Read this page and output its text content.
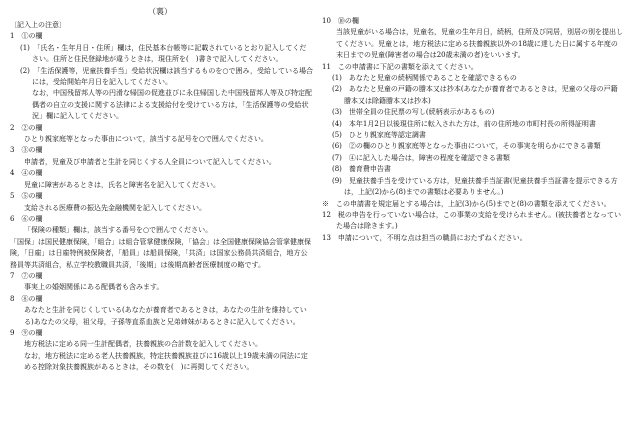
（裏）
〔記入上の注意〕
1　①の欄
(1)　「氏名・生年月日・住所」欄は，住民基本台帳等に記載されているとおり記入してください。住所と住民登録地が違うときは，現住所を(　)書きで記入してください。
(2)　「生活保護等，児童扶養手当」受給状況欄は該当するものを○で囲み，受給している場合には，受給開始年月日を記入してください。
なお，中国残留邦人等の円滑な帰国の促進並びに永住帰国した中国残留邦人等及び特定配偶者の自立の支援に関する法律による支援給付を受けている方は，「生活保護等の受給状況」欄に記入してください。
2　②の欄
ひとり親家庭等となった事由について，該当する記号を○で囲んでください。
3　③の欄
申請者，児童及び申請者と生計を同じくする人全員について記入してください。
4　④の欄
児童に障害があるときは，氏名と障害名を記入してください。
5　⑤の欄
支給される医療費の振込先金融機関を記入してください。
6　⑥の欄
「保険の種類」欄は，該当する番号を○で囲んでください。
「国保」は国民健康保険，「組合」は組合管掌健康保険，「協会」は全国健康保険協会管掌健康保険，「日雇」は日雇特例被保険者，「船員」は船員保険，「共済」は国家公務員共済組合，地方公務員等共済組合，私立学校教職員共済，「後期」は後期高齢者医療制度の略です。
7　⑦の欄
事実上の婚姻関係にある配偶者も含みます。
8　⑧の欄
あなたと生計を同じくしている(あなたが養育者であるときは，あなたの生計を維持している)あなたの父母，祖父母，子孫等直系血族と兄弟姉妹があるときに記入してください。
9　⑨の欄
地方税法に定める同一生計配偶者，扶養親族の合計数を記入してください。
なお，地方税法に定める老人扶養親族，特定扶養親族並びに16歳以上19歳未満の同法に定める控除対象扶養親族があるときは，その数を(　)に再掲してください。
10　⑩の欄
当該児童がいる場合は，児童名，児童の生年月日，続柄，住所及び同居，別居の別を提出してください。児童とは，地方税法に定める扶養親族以外の18歳に達した日に属する年度の末日までの児童(障害者の場合は20歳未満の者)をいいます。
11　この申請書に下記の書類を添えてください。
(1)　あなたと児童の続柄関係であることを確認できるもの
(2)　あなたと児童の戸籍の謄本又は抄本(あなたが養育者であるときは，児童の父母の戸籍謄本又は除籍謄本又は抄本)
(3)　世帯全員の住民票の写し(続柄表示があるもの)
(4)　本年1月2日以後現住所に転入された方は，前の住所地の市町村長の所得証明書
(5)　ひとり親家庭等認定調書
(6)　②の欄のひとり親家庭等となった事由について，その事実を明らかにできる書類
(7)　④に記入した場合は，障害の程度を確認できる書類
(8)　養育費申告書
(9)　児童扶養手当を受けている方は，児童扶養手当証書(児童扶養手当証書を提示できる方は，上記(2)から(8)までの書類は必要ありません。)
※　この申請書を規定届とする場合は，上記(3)から(5)までと(8)の書類を添えてください。
12　税の申告を行っていない場合は，この事業の支給を受けられません。(被扶養者となっていた場合は除きます。)
13　申請について，不明な点は担当の職員におたずねください。
